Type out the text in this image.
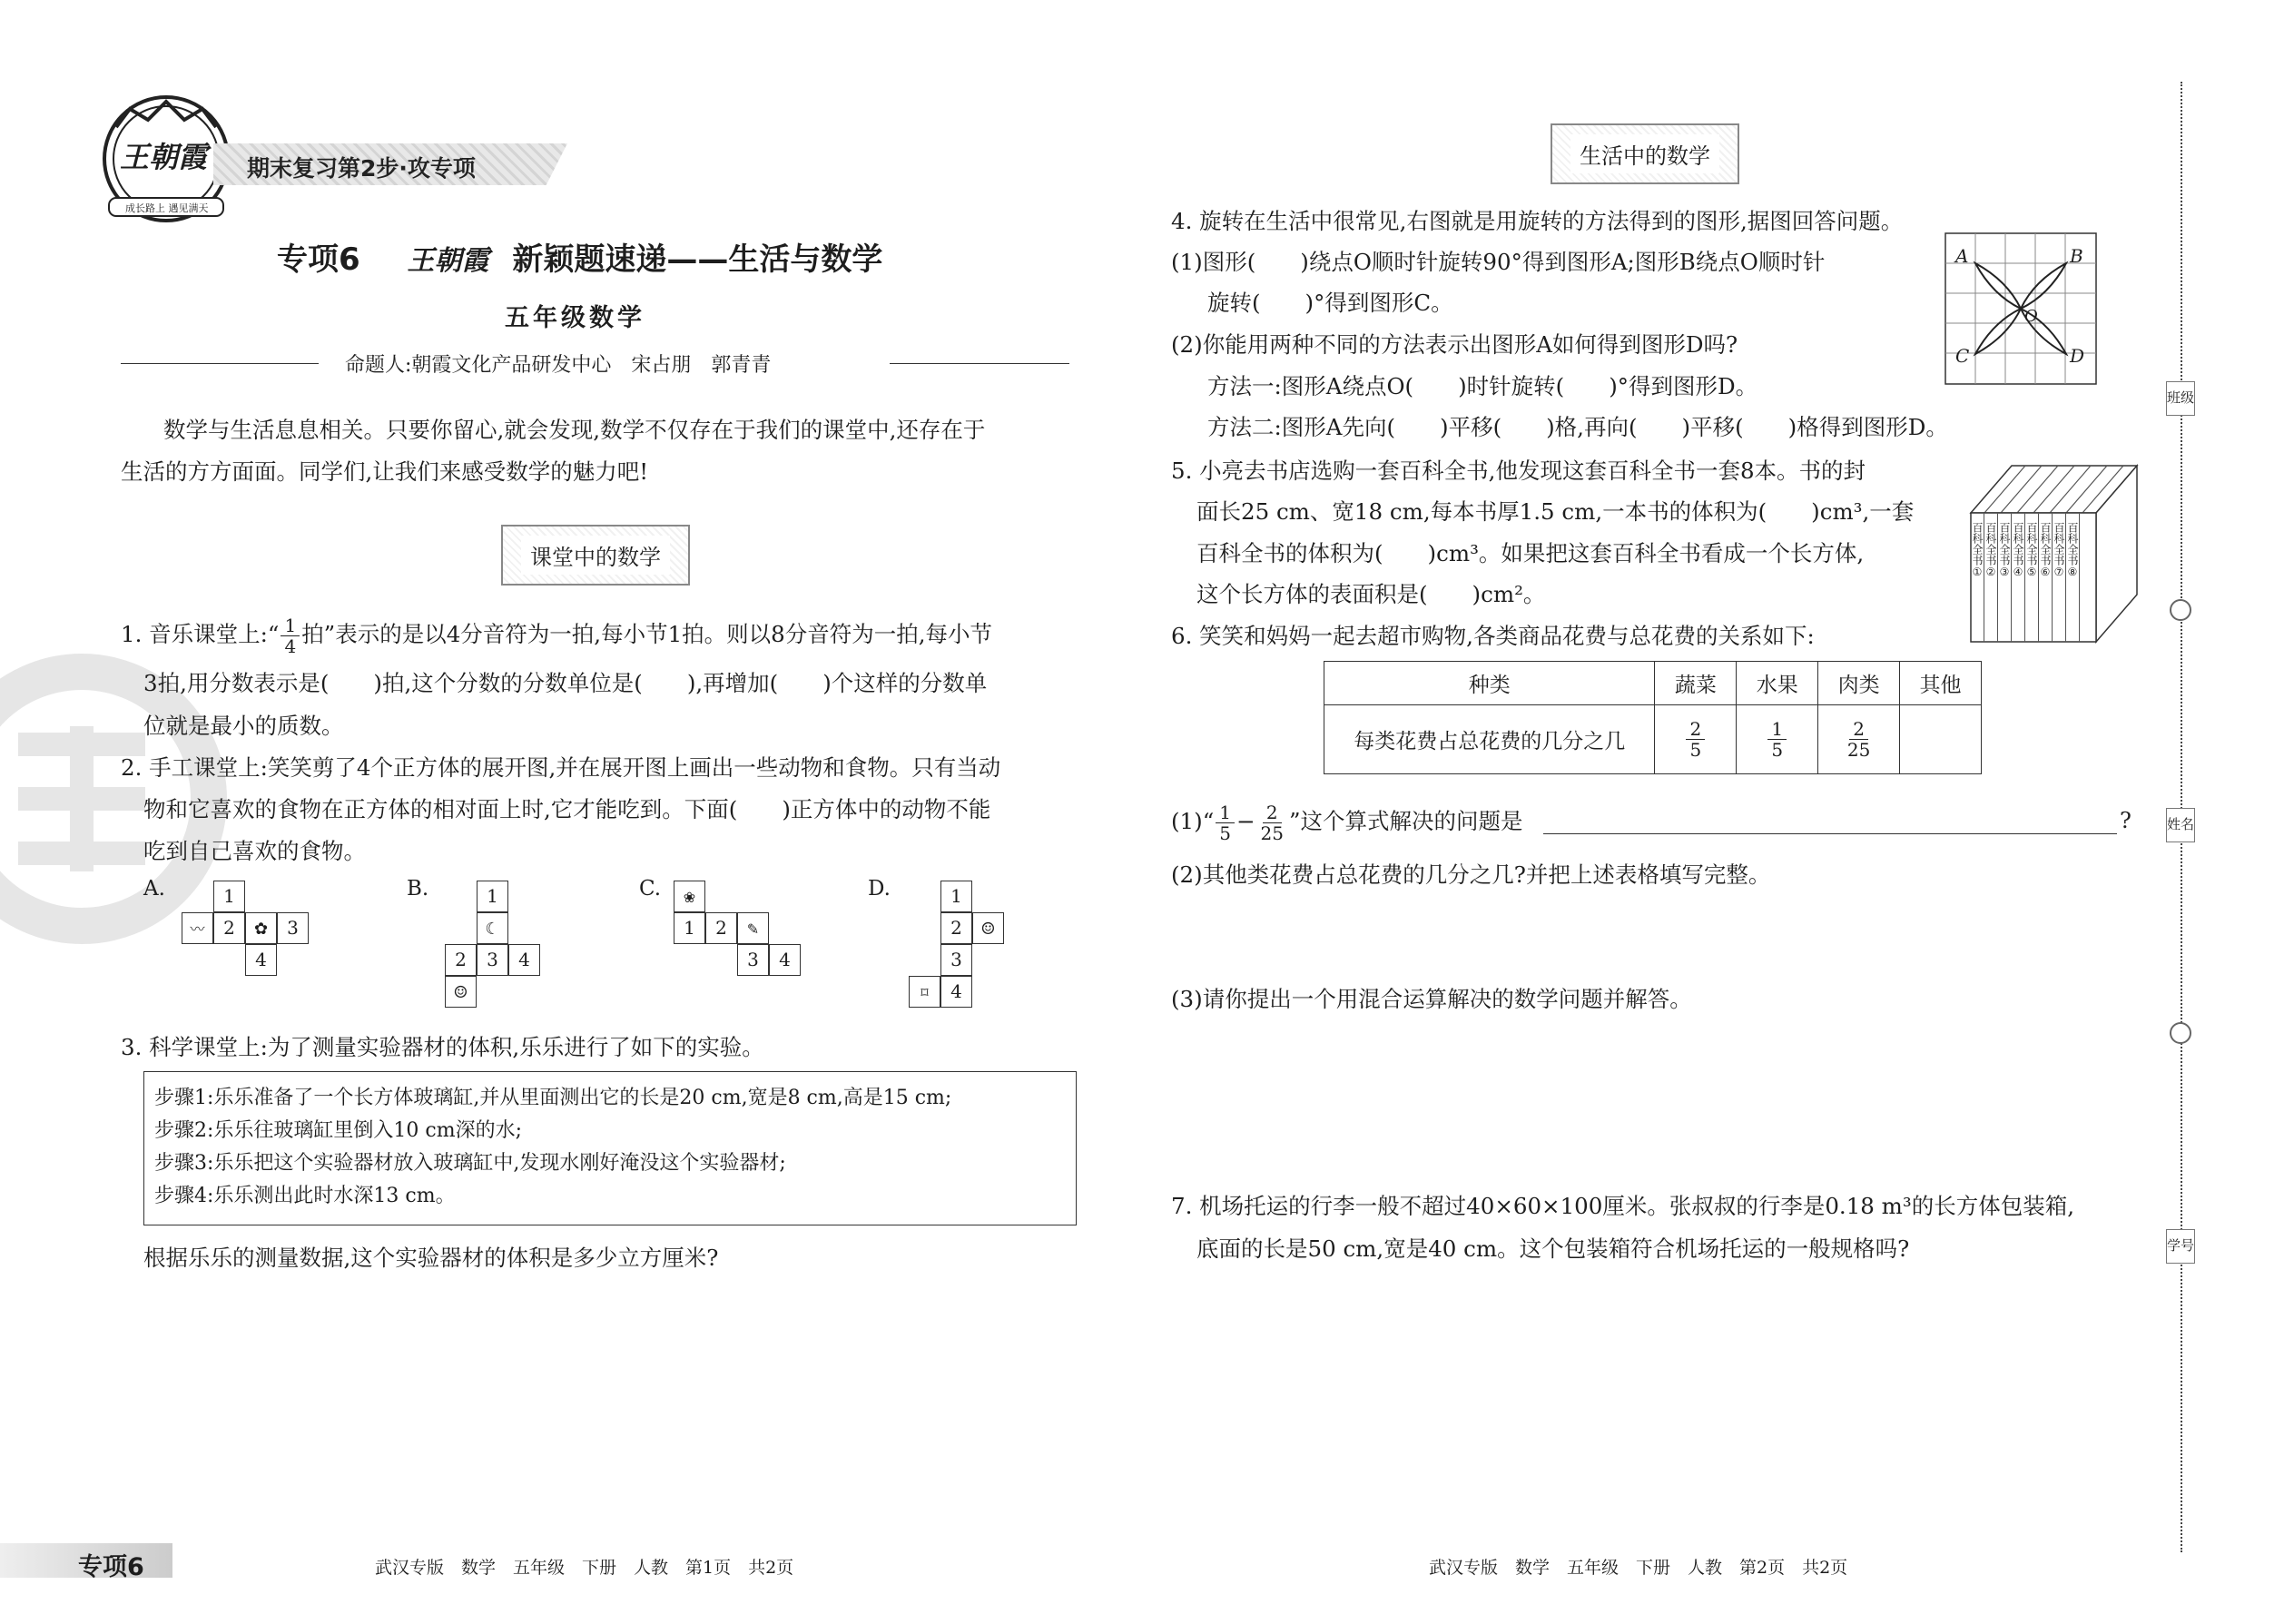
王朝霞
成长路上 遇见满天
期末复习第2步·攻专项
专项6 王朝霞 新颖题速递——生活与数学
五年级数学
命题人:朝霞文化产品研发中心　宋占朋　郭青青
数学与生活息息相关。只要你留心,就会发现,数学不仅存在于我们的课堂中,还存在于
生活的方方面面。同学们,让我们来感受数学的魅力吧!
课堂中的数学
1. 音乐课堂上:“ $\frac{1}{4}$ 拍”表示的是以4分音符为一拍,每小节1拍。则以8分音符为一拍,每小节
3拍,用分数表示是(　　)拍,这个分数的分数单位是(　　),再增加(　　)个这样的分数单
位就是最小的质数。
2. 手工课堂上:笑笑剪了4个正方体的展开图,并在展开图上画出一些动物和食物。只有当动
物和它喜欢的食物在正方体的相对面上时,它才能吃到。下面(　　)正方体中的动物不能
吃到自己喜欢的食物。
A.	B.	C.	D.
1
〰	2	✿	3
4
1
☾
2	3	4
☺
❀
1	2	✎
3	4
1
2	☺
3
⌑	4
3. 科学课堂上:为了测量实验器材的体积,乐乐进行了如下的实验。
步骤1:乐乐准备了一个长方体玻璃缸,并从里面测出它的长是20 cm,宽是8 cm,高是15 cm;
步骤2:乐乐往玻璃缸里倒入10 cm深的水;
步骤3:乐乐把这个实验器材放入玻璃缸中,发现水刚好淹没这个实验器材;
步骤4:乐乐测出此时水深13 cm。
根据乐乐的测量数据,这个实验器材的体积是多少立方厘米?
专项6	武汉专版　数学　五年级　下册　人教　第1页　共2页
生活中的数学
4. 旋转在生活中很常见,右图就是用旋转的方法得到的图形,据图回答问题。
(1)图形(　　)绕点O顺时针旋转90°得到图形A;图形B绕点O顺时针
旋转(　　)°得到图形C。
(2)你能用两种不同的方法表示出图形A如何得到图形D吗?
方法一:图形A绕点O(　　)时针旋转(　　)°得到图形D。
方法二:图形A先向(　　)平移(　　)格,再向(　　)平移(　　)格得到图形D。
A	B
C	D
O
5. 小亮去书店选购一套百科全书,他发现这套百科全书一套8本。书的封
面长25 cm、宽18 cm,每本书厚1.5 cm,一本书的体积为(　　)cm³,一套
百科全书的体积为(　　)cm³。如果把这套百科全书看成一个长方体,
这个长方体的表面积是(　　)cm²。
百科全书
①
百科全书
②
百科全书
③
百科全书
④
百科全书
⑤
百科全书
⑥
百科全书
⑦
百科全书
⑧
6. 笑笑和妈妈一起去超市购物,各类商品花费与总花费的关系如下:
种类	蔬菜	水果	肉类	其他
每类花费占总花费的几分之几	$\frac{2}{5}$	$\frac{1}{5}$	$\frac{2}{25}$

(1)“ $\frac{1}{5} - \frac{2}{25}$ ”这个算式解决的问题是	?
(2)其他类花费占总花费的几分之几?并把上述表格填写完整。
(3)请你提出一个用混合运算解决的数学问题并解答。
7. 机场托运的行李一般不超过40×60×100厘米。张叔叔的行李是0.18 m³的长方体包装箱,
底面的长是50 cm,宽是40 cm。这个包装箱符合机场托运的一般规格吗?
班级
姓名
学号
武汉专版　数学　五年级　下册　人教　第2页　共2页
